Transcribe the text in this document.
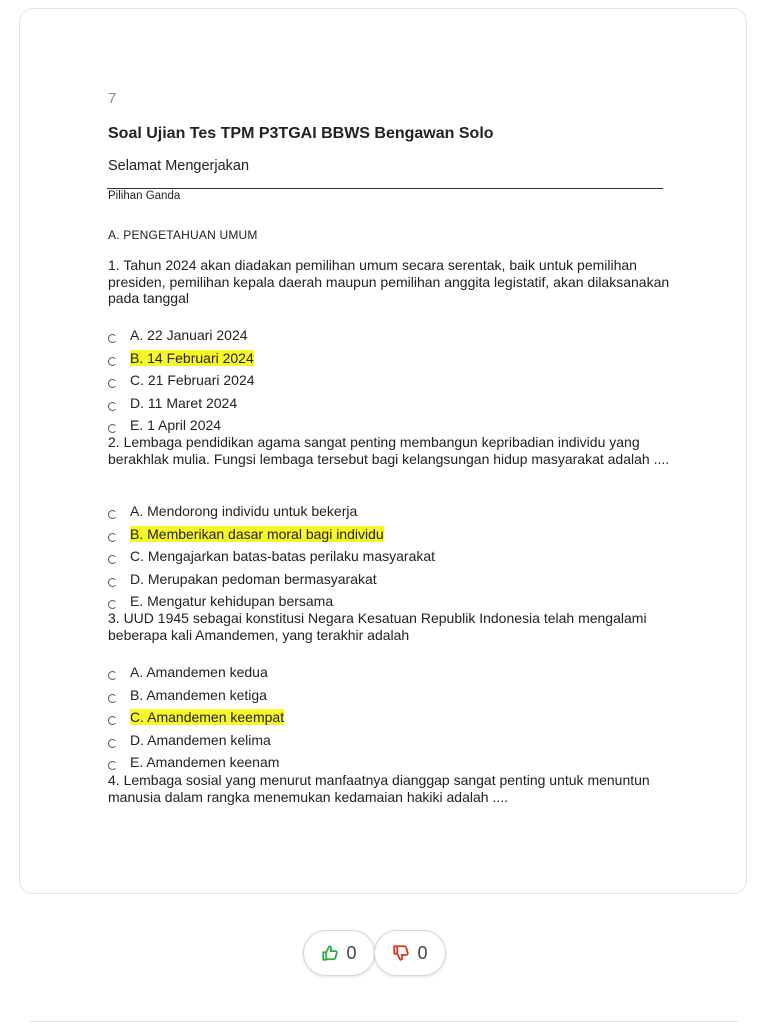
7
Soal Ujian Tes TPM P3TGAI BBWS Bengawan Solo
Selamat Mengerjakan
Pilihan Ganda
A. PENGETAHUAN UMUM
1. Tahun 2024 akan diadakan pemilihan umum secara serentak, baik untuk pemilihan presiden, pemilihan kepala daerah maupun pemilihan anggita legistatif, akan dilaksanakan pada tanggal
A. 22 Januari 2024
B. 14 Februari 2024
C. 21 Februari 2024
D. 11 Maret 2024
E. 1 April 2024
2. Lembaga pendidikan agama sangat penting membangun kepribadian individu yang berakhlak mulia. Fungsi lembaga tersebut bagi kelangsungan hidup masyarakat adalah ....
A. Mendorong individu untuk bekerja
B. Memberikan dasar moral bagi individu
C. Mengajarkan batas-batas perilaku masyarakat
D. Merupakan pedoman bermasyarakat
E. Mengatur kehidupan bersama
3. UUD 1945 sebagai konstitusi Negara Kesatuan Republik Indonesia telah mengalami beberapa kali Amandemen, yang terakhir adalah
A. Amandemen kedua
B. Amandemen ketiga
C. Amandemen keempat
D. Amandemen kelima
E. Amandemen keenam
4. Lembaga sosial yang menurut manfaatnya dianggap sangat penting untuk menuntun manusia dalam rangka menemukan kedamaian hakiki adalah ....
0	0
